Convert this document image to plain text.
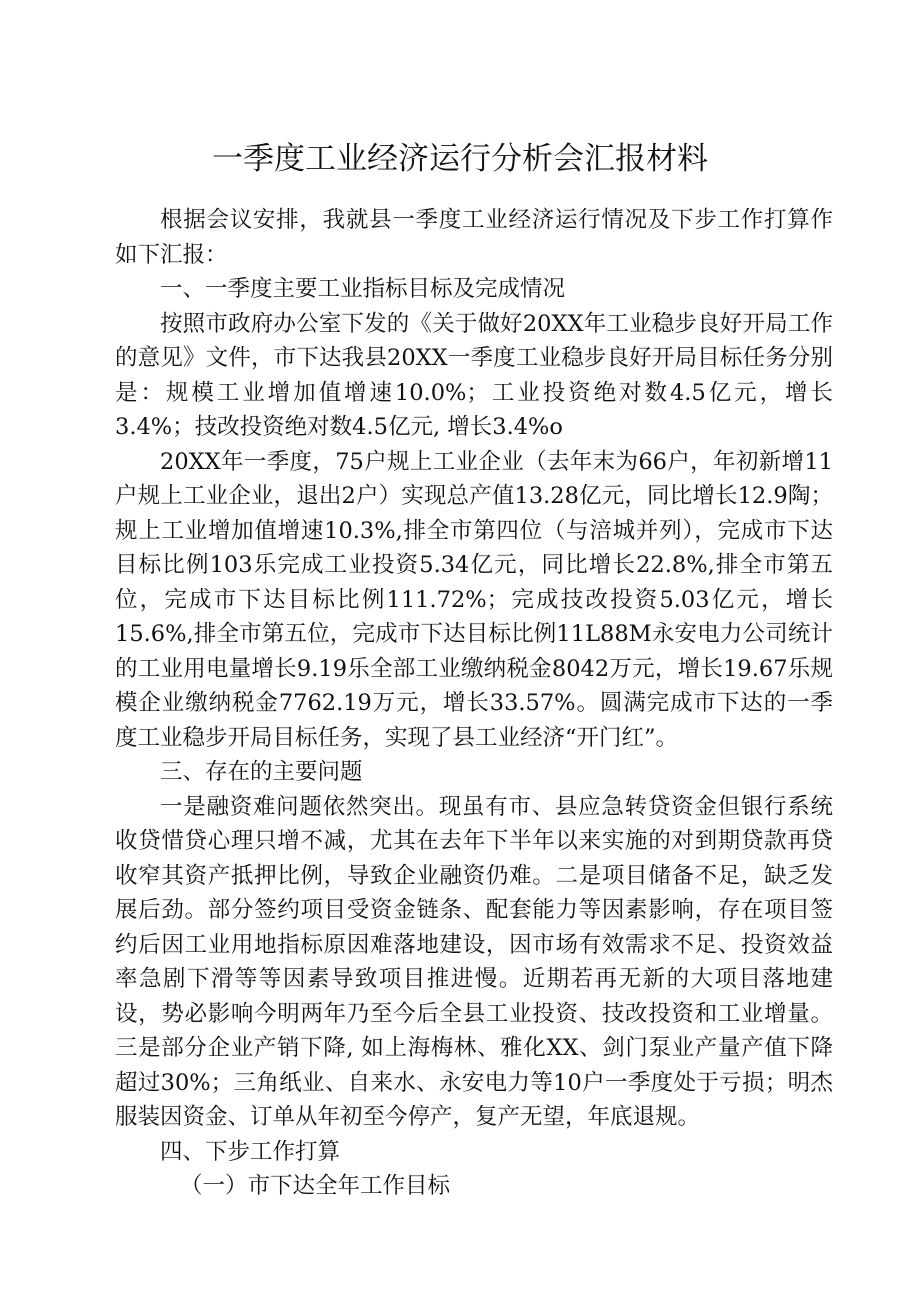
一季度工业经济运行分析会汇报材料

根据会议安排，我就县一季度工业经济运行情况及下步工作打算作如下汇报：

一、一季度主要工业指标目标及完成情况

按照市政府办公室下发的《关于做好20XX年工业稳步良好开局工作的意见》文件，市下达我县20XX一季度工业稳步良好开局目标任务分别是：规模工业增加值增速10.0%；工业投资绝对数4.5亿元，增长3.4%；技改投资绝对数4.5亿元, 增长3.4%o

20XX年一季度，75户规上工业企业（去年末为66户，年初新增11户规上工业企业，退出2户）实现总产值13.28亿元，同比增长12.9陶；规上工业增加值增速10.3%,排全市第四位（与涪城并列），完成市下达目标比例103乐完成工业投资5.34亿元，同比增长22.8%,排全市第五位，完成市下达目标比例111.72%；完成技改投资5.03亿元，增长15.6%,排全市第五位，完成市下达目标比例11L88M永安电力公司统计的工业用电量增长9.19乐全部工业缴纳税金8042万元，增长19.67乐规模企业缴纳税金7762.19万元，增长33.57%。圆满完成市下达的一季度工业稳步开局目标任务，实现了县工业经济“开门红”。

三、存在的主要问题

一是融资难问题依然突出。现虽有市、县应急转贷资金但银行系统收贷惜贷心理只增不减，尤其在去年下半年以来实施的对到期贷款再贷收窄其资产抵押比例，导致企业融资仍难。二是项目储备不足，缺乏发展后劲。部分签约项目受资金链条、配套能力等因素影响，存在项目签约后因工业用地指标原因难落地建设，因市场有效需求不足、投资效益率急剧下滑等等因素导致项目推进慢。近期若再无新的大项目落地建设，势必影响今明两年乃至今后全县工业投资、技改投资和工业增量。三是部分企业产销下降, 如上海梅林、雅化XX、剑门泵业产量产值下降超过30%；三角纸业、自来水、永安电力等10户一季度处于亏损；明杰服装因资金、订单从年初至今停产，复产无望，年底退规。

四、下步工作打算

（一）市下达全年工作目标
